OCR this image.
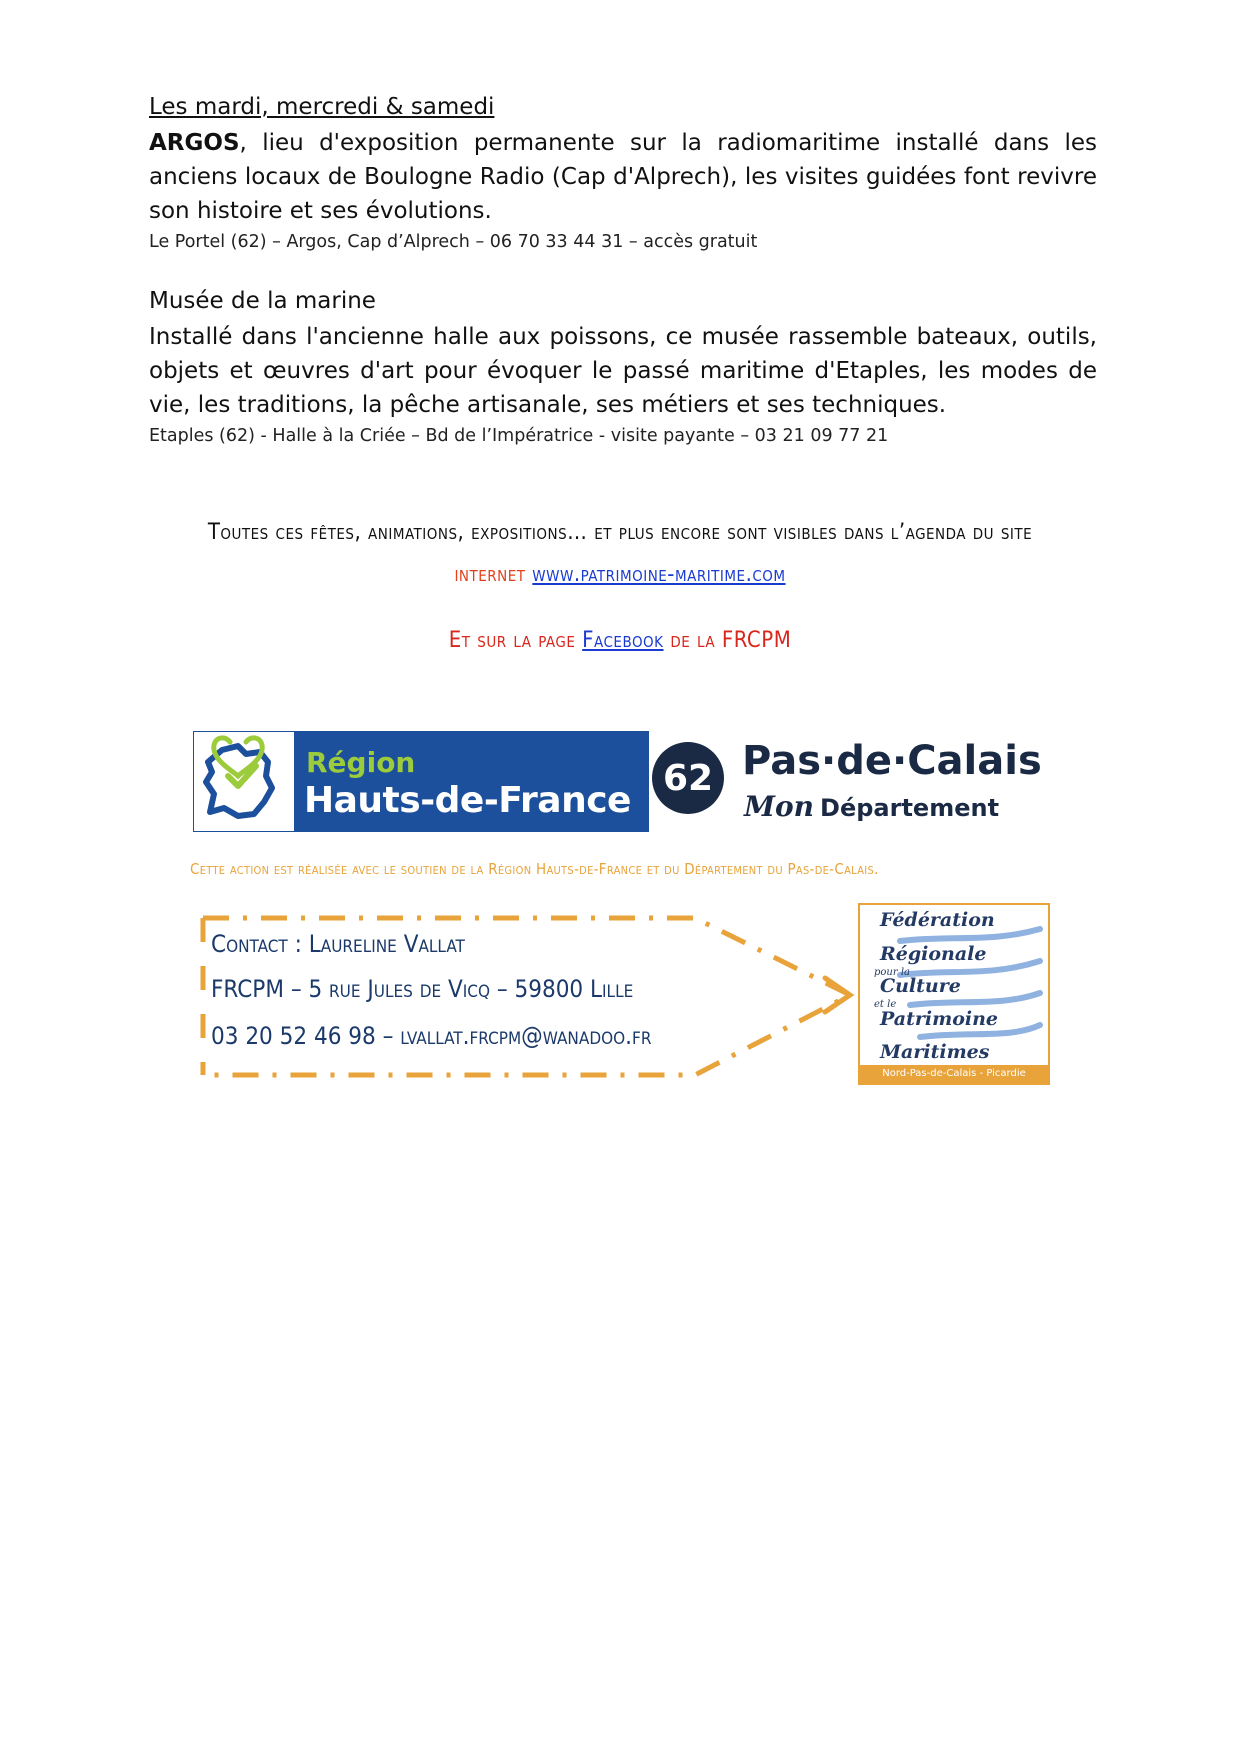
Les mardi, mercredi & samedi

ARGOS, lieu d'exposition permanente sur la radiomaritime installé dans les anciens locaux de Boulogne Radio (Cap d'Alprech), les visites guidées font revivre son histoire et ses évolutions.

Le Portel (62) – Argos, Cap d’Alprech – 06 70 33 44 31 – accès gratuit

Musée de la marine

Installé dans l'ancienne halle aux poissons, ce musée rassemble bateaux, outils, objets et œuvres d'art pour évoquer le passé maritime d'Etaples, les modes de vie, les traditions, la pêche artisanale, ses métiers et ses techniques.

Etaples (62) - Halle à la Criée – Bd de l’Impératrice - visite payante – 03 21 09 77 21

Toutes ces fêtes, animations, expositions… et plus encore sont visibles dans l’agenda du site
internet www.patrimoine-maritime.com
Et sur la page Facebook de la FRCPM
Région
Hauts-de-France
62 Pas·de·Calais
Mon Département
Cette action est réalisée avec le soutien de la Région Hauts-de-France et du Département du Pas-de-Calais.
Contact : Laureline Vallat
FRCPM – 5 rue Jules de Vicq – 59800 Lille
03 20 52 46 98 – lvallat.frcpm@wanadoo.fr
Fédération
Régionale
pour la
Culture
et le
Patrimoine
Maritimes
Nord-Pas-de-Calais - Picardie
